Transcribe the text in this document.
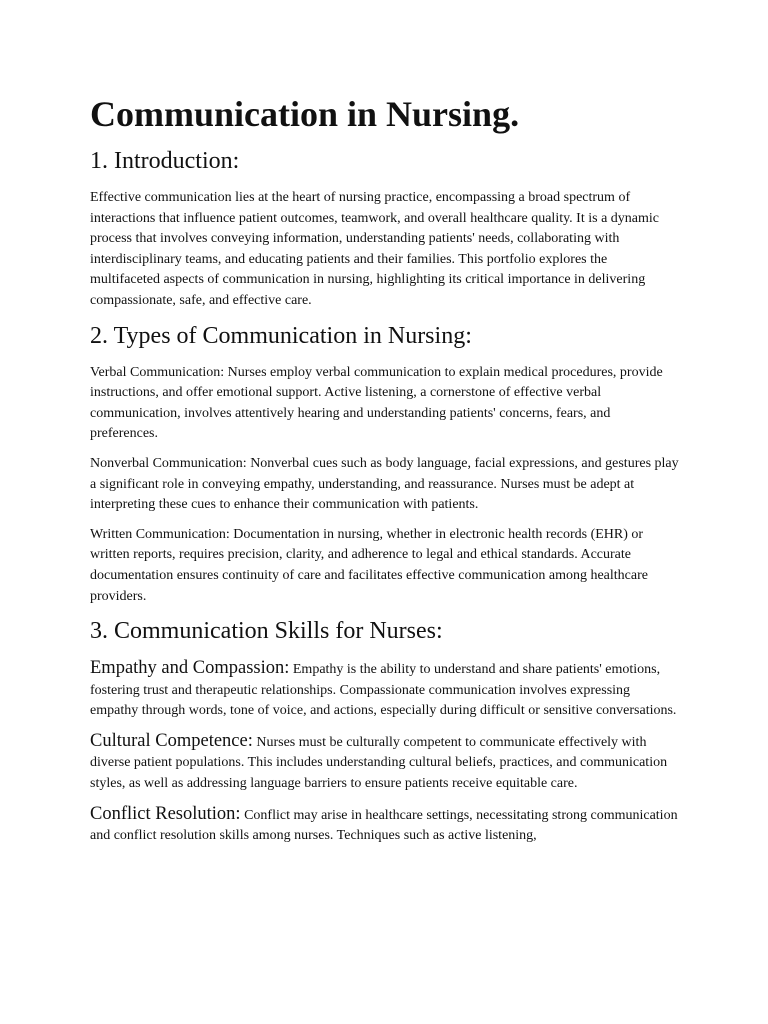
Communication in Nursing.
1. Introduction:

Effective communication lies at the heart of nursing practice, encompassing a broad spectrum of interactions that influence patient outcomes, teamwork, and overall healthcare quality. It is a dynamic process that involves conveying information, understanding patients' needs, collaborating with interdisciplinary teams, and educating patients and their families. This portfolio explores the multifaceted aspects of communication in nursing, highlighting its critical importance in delivering compassionate, safe, and effective care.

2. Types of Communication in Nursing:

Verbal Communication: Nurses employ verbal communication to explain medical procedures, provide instructions, and offer emotional support. Active listening, a cornerstone of effective verbal communication, involves attentively hearing and understanding patients' concerns, fears, and preferences.

Nonverbal Communication: Nonverbal cues such as body language, facial expressions, and gestures play a significant role in conveying empathy, understanding, and reassurance. Nurses must be adept at interpreting these cues to enhance their communication with patients.

Written Communication: Documentation in nursing, whether in electronic health records (EHR) or written reports, requires precision, clarity, and adherence to legal and ethical standards. Accurate documentation ensures continuity of care and facilitates effective communication among healthcare providers.

3. Communication Skills for Nurses:

Empathy and Compassion: Empathy is the ability to understand and share patients' emotions, fostering trust and therapeutic relationships. Compassionate communication involves expressing empathy through words, tone of voice, and actions, especially during difficult or sensitive conversations.

Cultural Competence: Nurses must be culturally competent to communicate effectively with diverse patient populations. This includes understanding cultural beliefs, practices, and communication styles, as well as addressing language barriers to ensure patients receive equitable care.

Conflict Resolution: Conflict may arise in healthcare settings, necessitating strong communication and conflict resolution skills among nurses. Techniques such as active listening,
